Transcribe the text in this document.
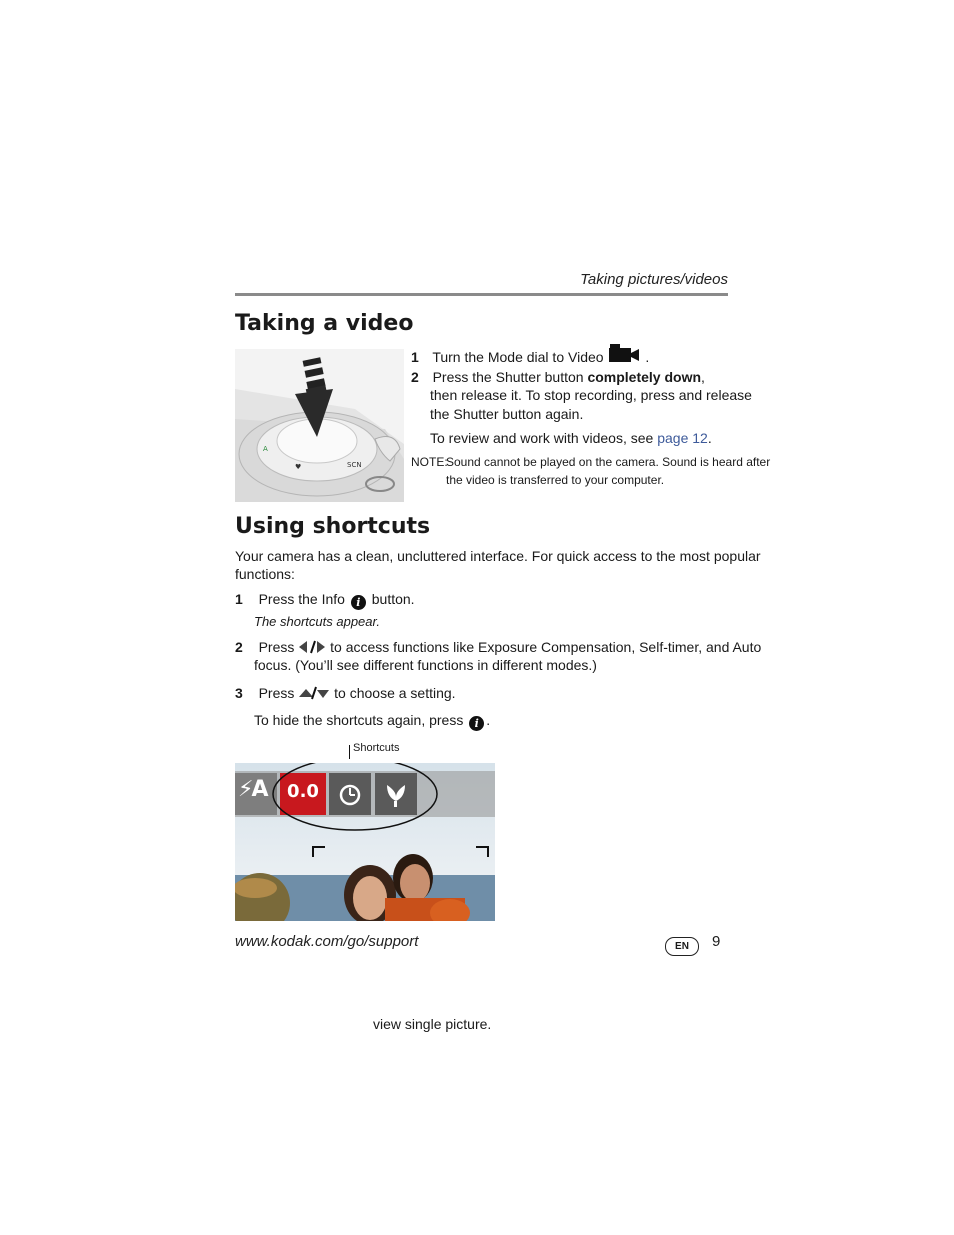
Taking pictures/videos
Taking a video
A
♥	SCN
1 Turn the Mode dial to Video	.
2 Press the Shutter button completely down,
then release it. To stop recording, press and release
the Shutter button again.
To review and work with videos, see page 12.
NOTE:
Sound cannot be played on the camera. Sound is heard after
the video is transferred to your computer.
Using shortcuts
Your camera has a clean, uncluttered interface. For quick access to the most popular
functions:
1 Press the Info i button.
The shortcuts appear.
2 Press	to access functions like Exposure Compensation, Self-timer, and Auto
focus. (You’ll see different functions in different modes.)
3 Press	to choose a setting.
To hide the shortcuts again, press i .
Shortcuts
⚡A 0.0
www.kodak.com/go/support	EN	9
view single picture.
